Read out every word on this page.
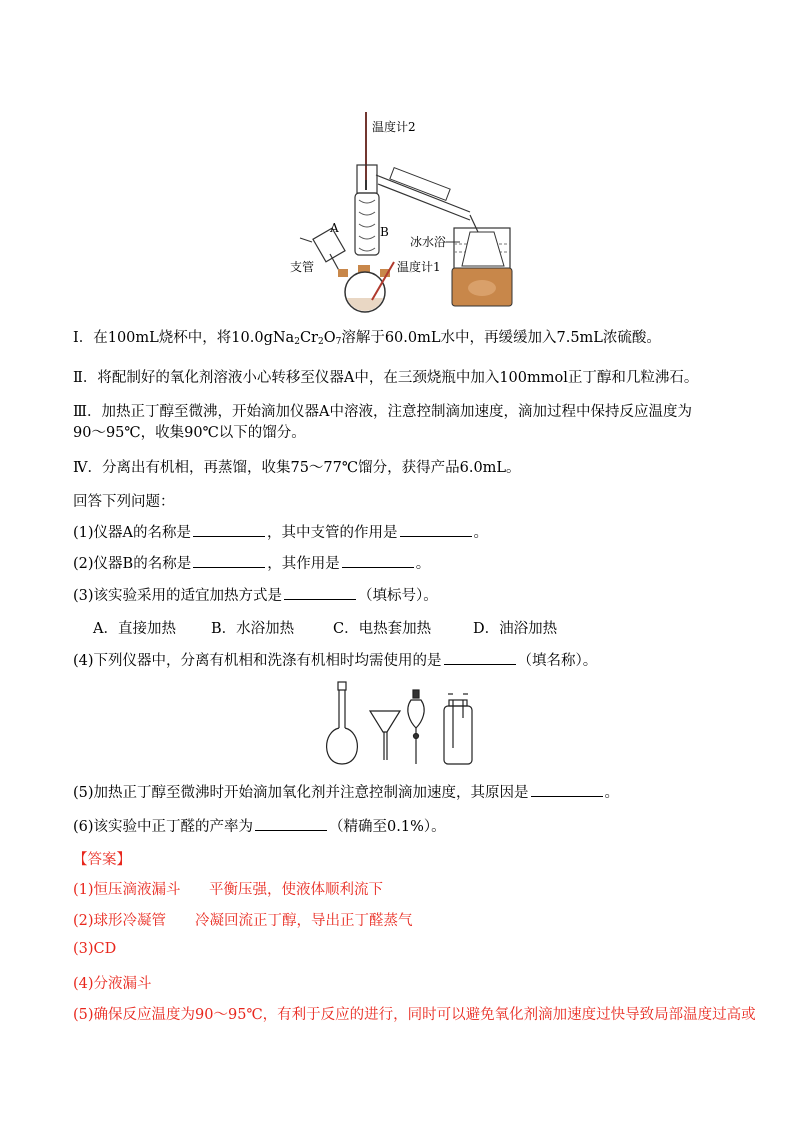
温度计2
B
A
支管	温度计1
冰水浴
Ⅰ．在100mL烧杯中，将$10.0gNa_2Cr_2O_7$溶解于60.0mL水中，再缓缓加入7.5mL浓硫酸。
Ⅱ．将配制好的氧化剂溶液小心转移至仪器A中，在三颈烧瓶中加入100mmol正丁醇和几粒沸石。
Ⅲ．加热正丁醇至微沸，开始滴加仪器A中溶液，注意控制滴加速度，滴加过程中保持反应温度为
90～95℃，收集90℃以下的馏分。
Ⅳ．分离出有机相，再蒸馏，收集75～77℃馏分，获得产品6.0mL。
回答下列问题：
(1)仪器A的名称是	，其中支管的作用是	。
(2)仪器B的名称是	，其作用是	。
(3)该实验采用的适宜加热方式是	（填标号）。
A．直接加热 B．水浴加热	C．电热套加热	D．油浴加热
(4)下列仪器中，分离有机相和洗涤有机相时均需使用的是	（填名称）。
(5)加热正丁醇至微沸时开始滴加氧化剂并注意控制滴加速度，其原因是	。
(6)该实验中正丁醛的产率为	（精确至0.1%）。
【答案】
(1)恒压滴液漏斗 平衡压强，使液体顺利流下
(2)球形冷凝管 冷凝回流正丁醇，导出正丁醛蒸气
(3)CD
(4)分液漏斗
(5)确保反应温度为90～95℃，有利于反应的进行，同时可以避免氧化剂滴加速度过快导致局部温度过高或
